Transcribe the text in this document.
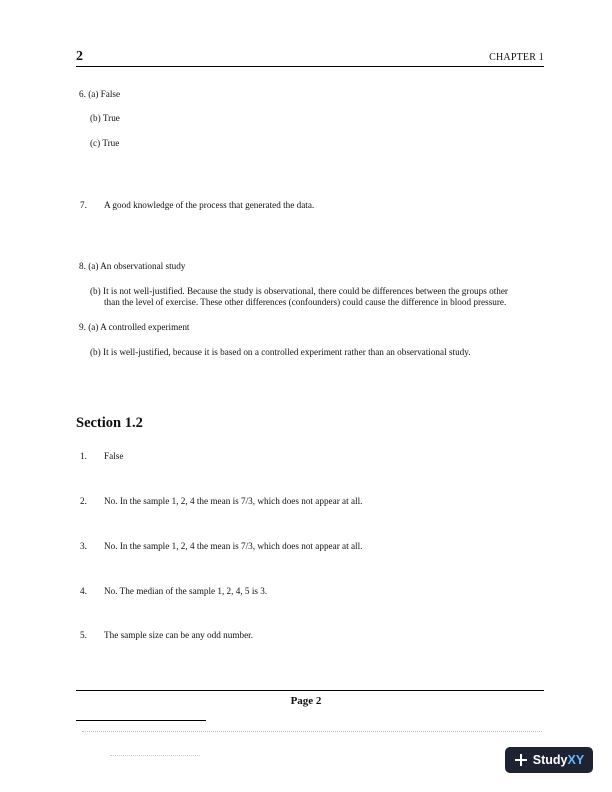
2	CHAPTER 1
6. (a) False
(b) True
(c) True
7. A good knowledge of the process that generated the data.
8. (a) An observational study
(b) It is not well-justified. Because the study is observational, there could be differences between the groups other
than the level of exercise. These other differences (confounders) could cause the difference in blood pressure.
9. (a) A controlled experiment
(b) It is well-justified, because it is based on a controlled experiment rather than an observational study.
Section 1.2
1. False
2. No. In the sample 1, 2, 4 the mean is 7/3, which does not appear at all.
3. No. In the sample 1, 2, 4 the mean is 7/3, which does not appear at all.
4. No. The median of the sample 1, 2, 4, 5 is 3.
5. The sample size can be any odd number.
Page 2
StudyXY
